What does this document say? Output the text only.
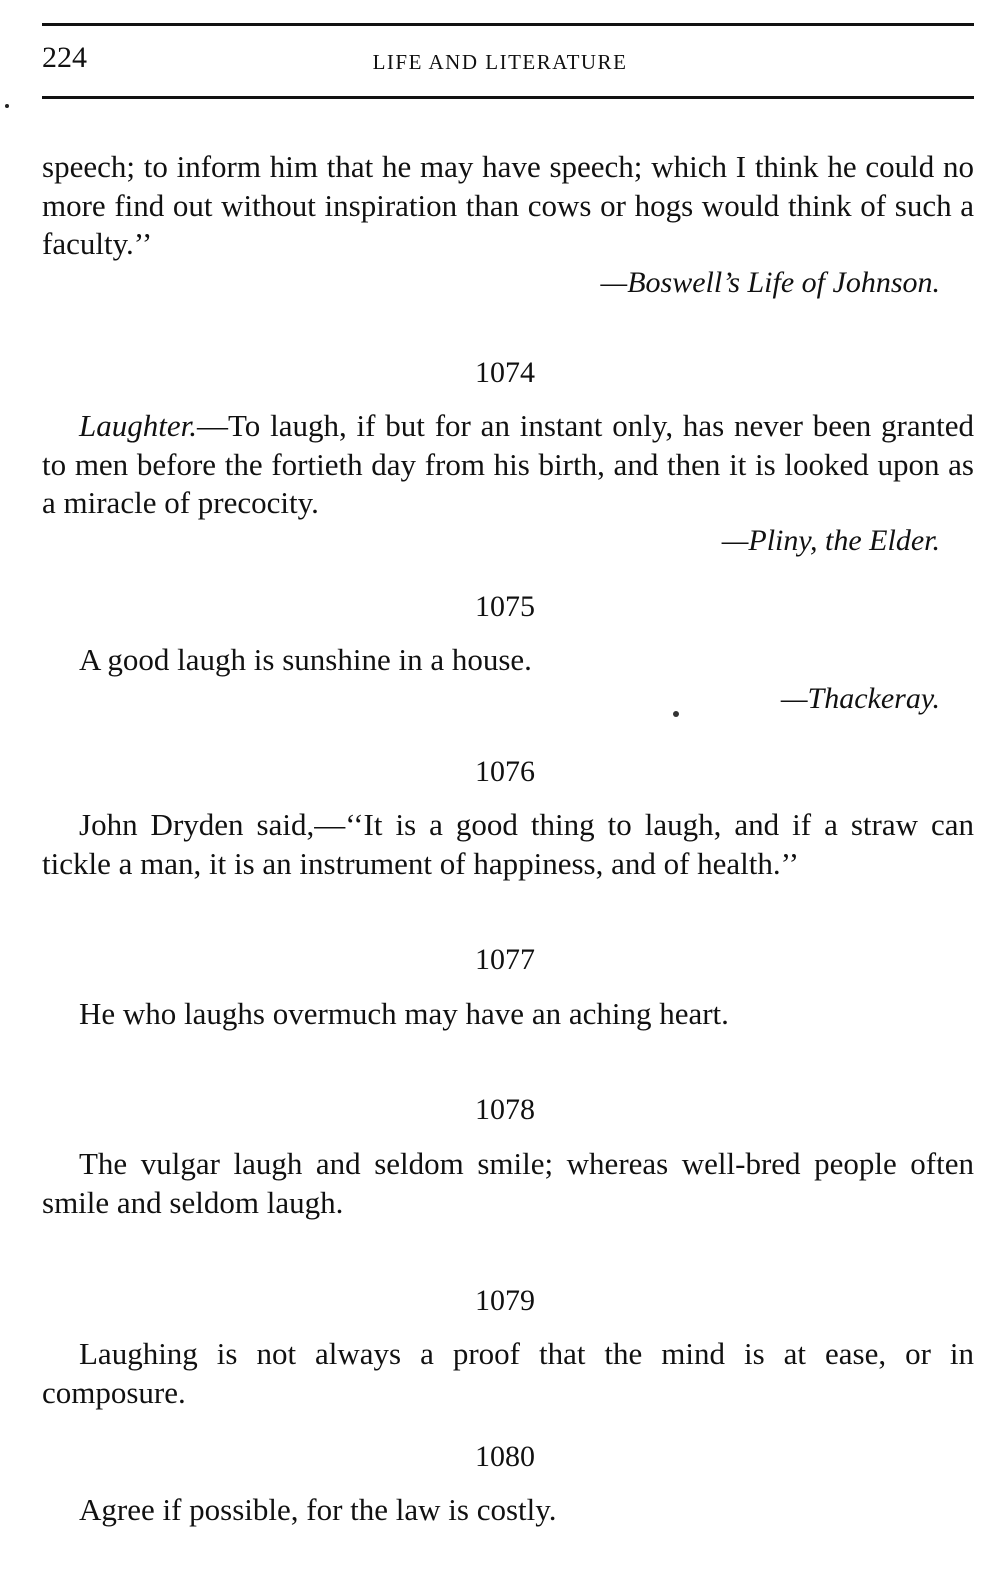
224	LIFE AND LITERATURE

speech; to inform him that he may have speech; which I think he could no more find out without inspiration than cows or hogs would think of such a faculty.’’

—Boswell’s Life of Johnson.
1074

Laughter.—To laugh, if but for an instant only, has never been granted to men before the fortieth day from his birth, and then it is looked upon as a miracle of precocity.

—Pliny, the Elder.
1075

A good laugh is sunshine in a house.

—Thackeray.
1076

John Dryden said,—‘‘It is a good thing to laugh, and if a straw can tickle a man, it is an instrument of happiness, and of health.’’

1077

He who laughs overmuch may have an aching heart.

1078

The vulgar laugh and seldom smile; whereas well-bred people often smile and seldom laugh.

1079

Laughing is not always a proof that the mind is at ease, or in composure.

1080

Agree if possible, for the law is costly.
